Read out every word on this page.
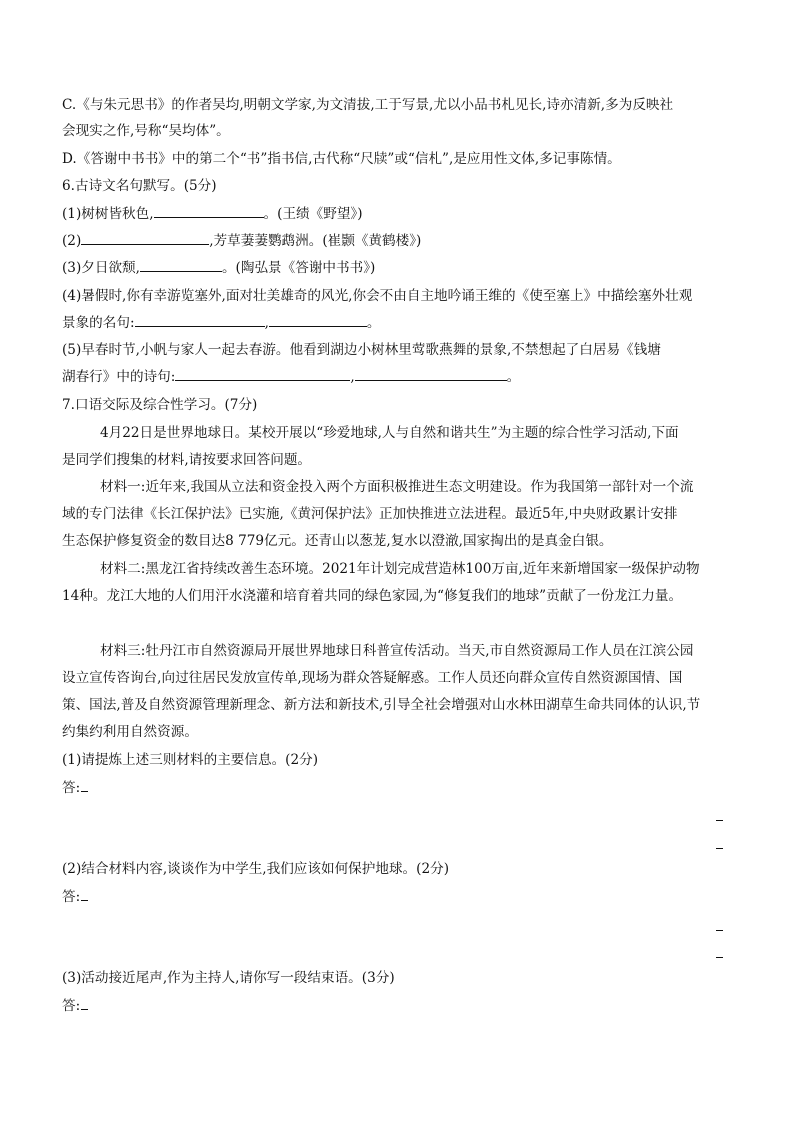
C.《与朱元思书》的作者吴均,明朝文学家,为文清拔,工于写景,尤以小品书札见长,诗亦清新,多为反映社
会现实之作,号称“吴均体”。
D.《答谢中书书》中的第二个“书”指书信,古代称“尺牍”或“信札”,是应用性文体,多记事陈情。
6.古诗文名句默写。(5分)
(1)树树皆秋色,	。(王绩《野望》)
(2)	,芳草萋萋鹦鹉洲。(崔颢《黄鹤楼》)
(3)夕日欲颓,	。(陶弘景《答谢中书书》)
(4)暑假时,你有幸游览塞外,面对壮美雄奇的风光,你会不由自主地吟诵王维的《使至塞上》中描绘塞外壮观
景象的名句:	,	。
(5)早春时节,小帆与家人一起去春游。他看到湖边小树林里莺歌燕舞的景象,不禁想起了白居易《钱塘
湖春行》中的诗句:	,	。
7.口语交际及综合性学习。(7分)
4月22日是世界地球日。某校开展以“珍爱地球,人与自然和谐共生”为主题的综合性学习活动,下面
是同学们搜集的材料,请按要求回答问题。
材料一:近年来,我国从立法和资金投入两个方面积极推进生态文明建设。作为我国第一部针对一个流
域的专门法律《长江保护法》已实施,《黄河保护法》正加快推进立法进程。最近5年,中央财政累计安排
生态保护修复资金的数目达8 779亿元。还青山以葱茏,复水以澄澈,国家掏出的是真金白银。
材料二:黑龙江省持续改善生态环境。2021年计划完成营造林100万亩,近年来新增国家一级保护动物
14种。龙江大地的人们用汗水浇灌和培育着共同的绿色家园,为“修复我们的地球”贡献了一份龙江力量。
材料三:牡丹江市自然资源局开展世界地球日科普宣传活动。当天,市自然资源局工作人员在江滨公园
设立宣传咨询台,向过往居民发放宣传单,现场为群众答疑解惑。工作人员还向群众宣传自然资源国情、国
策、国法,普及自然资源管理新理念、新方法和新技术,引导全社会增强对山水林田湖草生命共同体的认识,节
约集约利用自然资源。
(1)请提炼上述三则材料的主要信息。(2分)
答:
(2)结合材料内容,谈谈作为中学生,我们应该如何保护地球。(2分)
答:
(3)活动接近尾声,作为主持人,请你写一段结束语。(3分)
答:
